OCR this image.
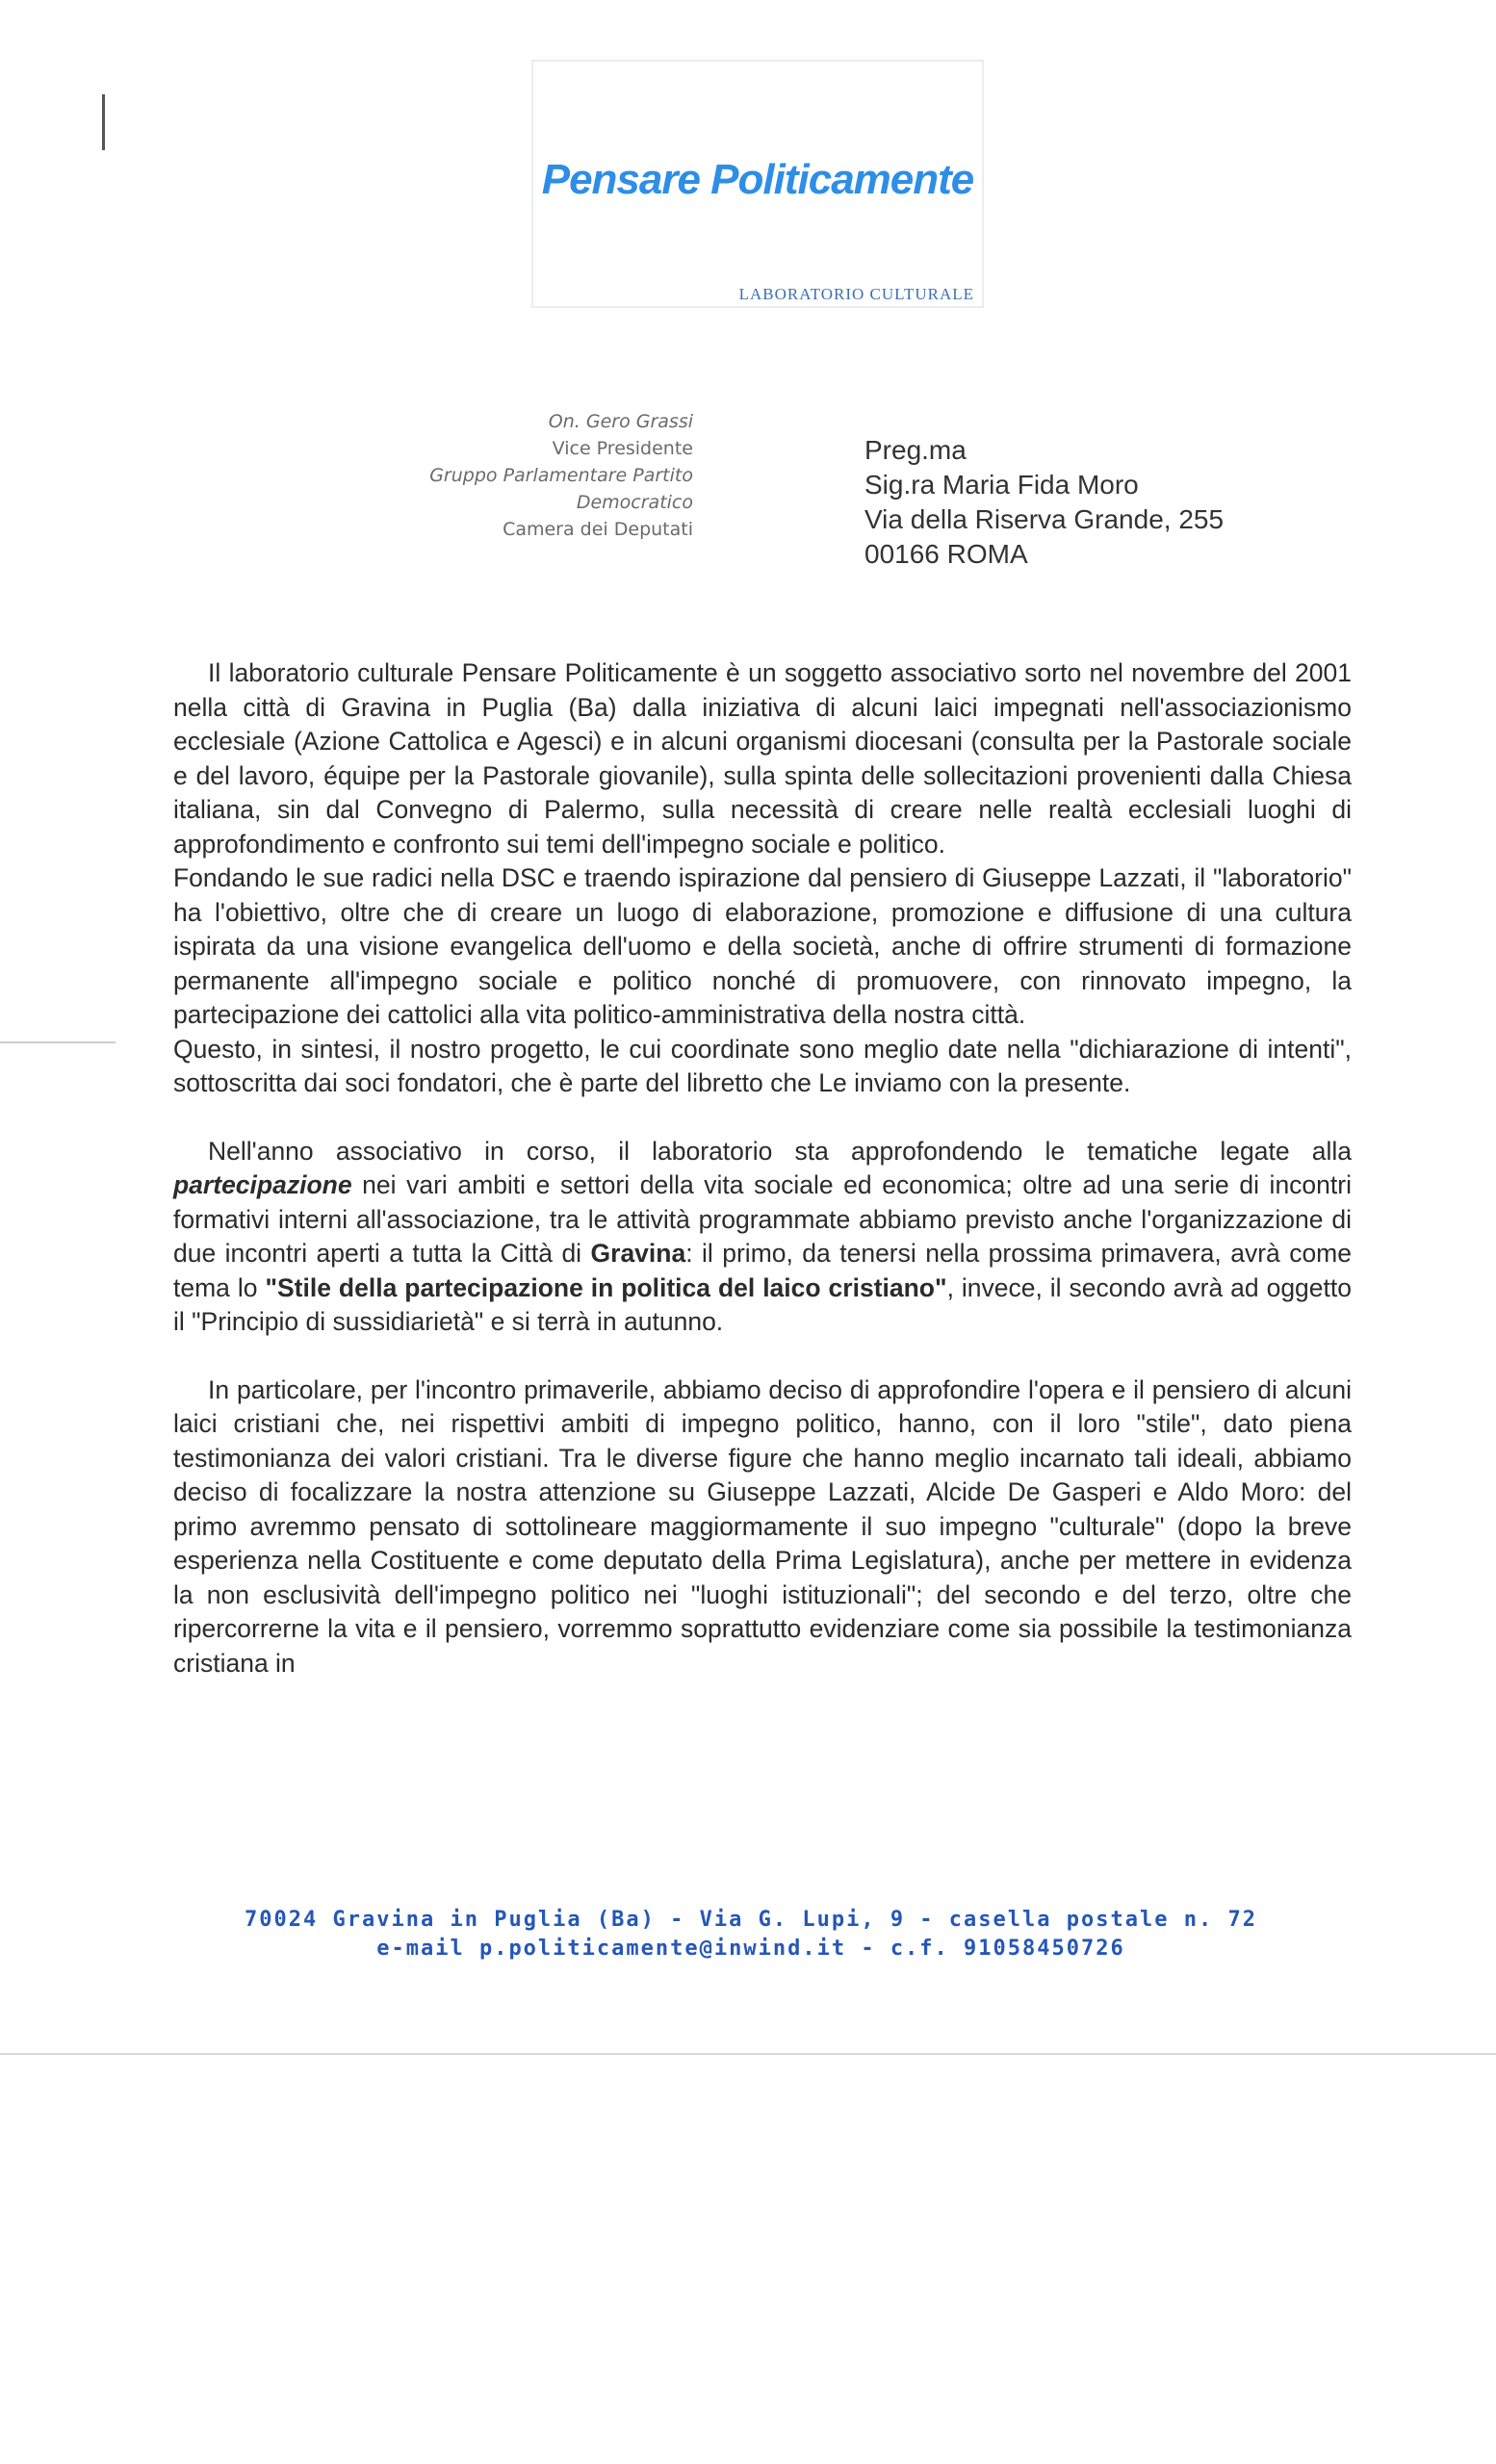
Pensare Politicamente
LABORATORIO CULTURALE
On. Gero Grassi
Vice Presidente
Gruppo Parlamentare Partito Democratico
Camera dei Deputati
Preg.ma
Sig.ra Maria Fida Moro
Via della Riserva Grande, 255
00166 ROMA

Il laboratorio culturale Pensare Politicamente è un soggetto associativo sorto nel novembre del 2001 nella città di Gravina in Puglia (Ba) dalla iniziativa di alcuni laici impegnati nell'associazionismo ecclesiale (Azione Cattolica e Agesci) e in alcuni organismi diocesani (consulta per la Pastorale sociale e del lavoro, équipe per la Pastorale giovanile), sulla spinta delle sollecitazioni provenienti dalla Chiesa italiana, sin dal Convegno di Palermo, sulla necessità di creare nelle realtà ecclesiali luoghi di approfondimento e confronto sui temi dell'impegno sociale e politico.

Fondando le sue radici nella DSC e traendo ispirazione dal pensiero di Giuseppe Lazzati, il "laboratorio" ha l'obiettivo, oltre che di creare un luogo di elaborazione, promozione e diffusione di una cultura ispirata da una visione evangelica dell'uomo e della società, anche di offrire strumenti di formazione permanente all'impegno sociale e politico nonché di promuovere, con rinnovato impegno, la partecipazione dei cattolici alla vita politico-amministrativa della nostra città.

Questo, in sintesi, il nostro progetto, le cui coordinate sono meglio date nella "dichiarazione di intenti", sottoscritta dai soci fondatori, che è parte del libretto che Le inviamo con la presente.

Nell'anno associativo in corso, il laboratorio sta approfondendo le tematiche legate alla partecipazione nei vari ambiti e settori della vita sociale ed economica; oltre ad una serie di incontri formativi interni all'associazione, tra le attività programmate abbiamo previsto anche l'organizzazione di due incontri aperti a tutta la Città di Gravina: il primo, da tenersi nella prossima primavera, avrà come tema lo "Stile della partecipazione in politica del laico cristiano", invece, il secondo avrà ad oggetto il "Principio di sussidiarietà" e si terrà in autunno.

In particolare, per l'incontro primaverile, abbiamo deciso di approfondire l'opera e il pensiero di alcuni laici cristiani che, nei rispettivi ambiti di impegno politico, hanno, con il loro "stile", dato piena testimonianza dei valori cristiani. Tra le diverse figure che hanno meglio incarnato tali ideali, abbiamo deciso di focalizzare la nostra attenzione su Giuseppe Lazzati, Alcide De Gasperi e Aldo Moro: del primo avremmo pensato di sottolineare maggiormamente il suo impegno "culturale" (dopo la breve esperienza nella Costituente e come deputato della Prima Legislatura), anche per mettere in evidenza la non esclusività dell'impegno politico nei "luoghi istituzionali"; del secondo e del terzo, oltre che ripercorrerne la vita e il pensiero, vorremmo soprattutto evidenziare come sia possibile la testimonianza cristiana in

70024 Gravina in Puglia (Ba) - Via G. Lupi, 9 - casella postale n. 72
e-mail p.politicamente@inwind.it - c.f. 91058450726
